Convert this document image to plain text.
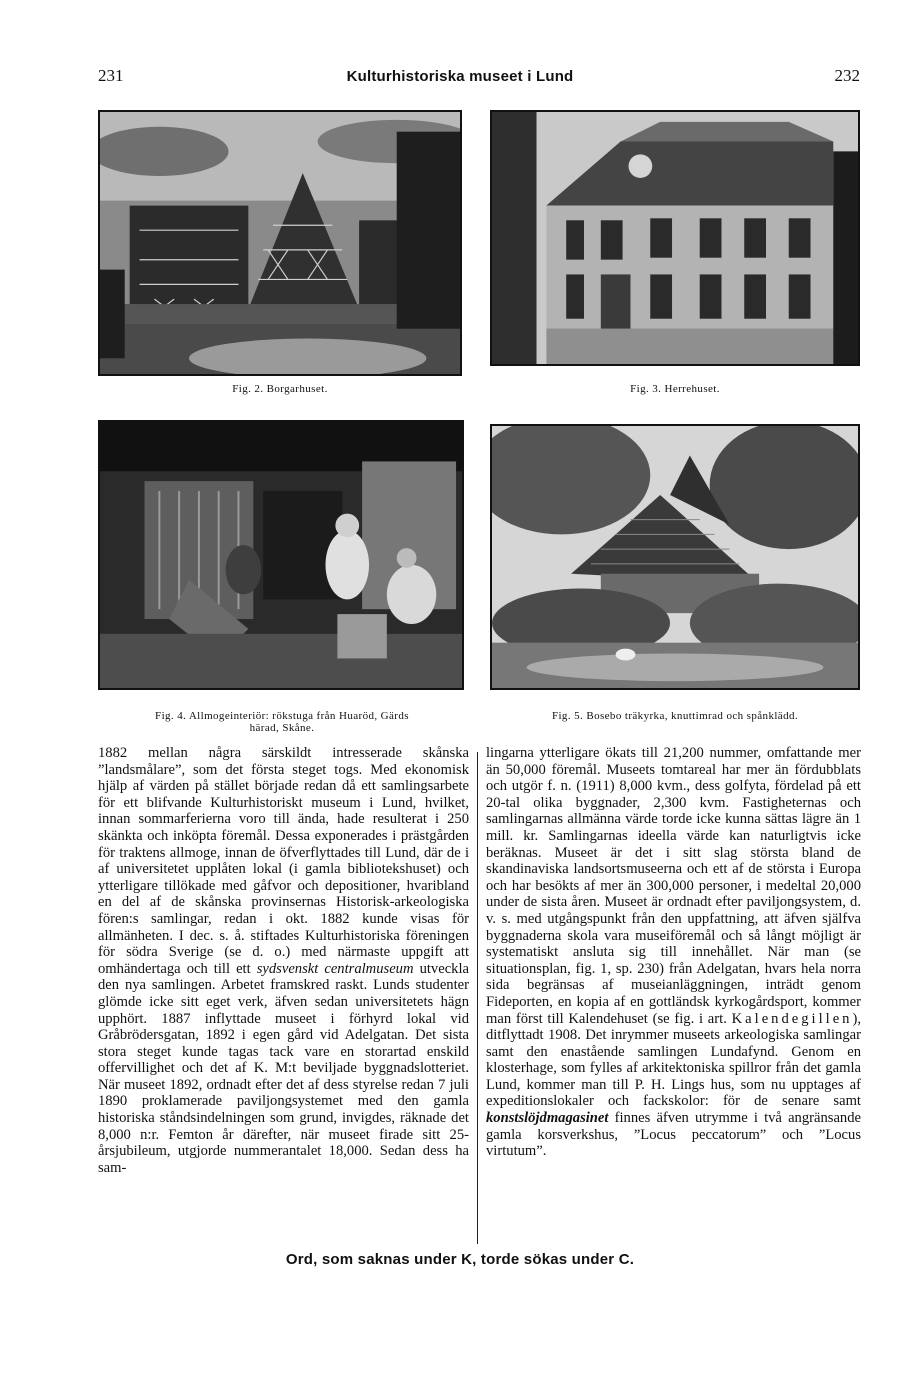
231	Kulturhistoriska museet i Lund	232
Fig. 2. Borgarhuset.	Fig. 3. Herrehuset.
Fig. 4. Allmogeinteriör: rökstuga från Huaröd, Gärds
härad, Skåne.
Fig. 5. Bosebo träkyrka, knuttimrad och spånklädd.

1882 mellan några särskildt intresserade skånska ”landsmålare”, som det första steget togs. Med ekonomisk hjälp af värden på stället började redan då ett samlingsarbete för ett blifvande Kulturhistoriskt museum i Lund, hvilket, innan sommarferierna voro till ända, hade resulterat i 250 skänkta och inköpta föremål. Dessa exponerades i prästgården för traktens allmoge, innan de öfverflyttades till Lund, där de i af universitetet upplåten lokal (i gamla bibliotekshuset) och ytterligare tillökade med gåfvor och depositioner, hvaribland en del af de skånska provinsernas Historisk-arkeologiska fören:s samlingar, redan i okt. 1882 kunde visas för allmänheten. I dec. s. å. stiftades Kulturhistoriska föreningen för södra Sverige (se d. o.) med närmaste uppgift att omhändertaga och till ett sydsvenskt centralmuseum utveckla den nya samlingen. Arbetet framskred raskt. Lunds studenter glömde icke sitt eget verk, äfven sedan universitetets hägn upphört. 1887 inflyttade museet i förhyrd lokal vid Gråbrödersgatan, 1892 i egen gård vid Adelgatan. Det sista stora steget kunde tagas tack vare en storartad enskild offervillighet och det af K. M:t beviljade byggnadslotteriet. När museet 1892, ordnadt efter det af dess styrelse redan 7 juli 1890 proklamerade paviljongsystemet med den gamla historiska ståndsindelningen som grund, invigdes, räknade det 8,000 n:r. Femton år därefter, när museet firade sitt 25-årsjubileum, utgjorde nummerantalet 18,000. Sedan dess ha sam-

lingarna ytterligare ökats till 21,200 nummer, omfattande mer än 50,000 föremål. Museets tomtareal har mer än fördubblats och utgör f. n. (1911) 8,000 kvm., dess golfyta, fördelad på ett 20-tal olika byggnader, 2,300 kvm. Fastigheternas och samlingarnas allmänna värde torde icke kunna sättas lägre än 1 mill. kr. Samlingarnas ideella värde kan naturligtvis icke beräknas. Museet är det i sitt slag största bland de skandinaviska landsortsmuseerna och ett af de största i Europa och har besökts af mer än 300,000 personer, i medeltal 20,000 under de sista åren. Museet är ordnadt efter paviljongsystem, d. v. s. med utgångspunkt från den uppfattning, att äfven själfva byggnaderna skola vara museiföremål och så långt möjligt är systematiskt ansluta sig till innehållet. När man (se situationsplan, fig. 1, sp. 230) från Adelgatan, hvars hela norra sida begränsas af museianläggningen, inträdt genom Fideporten, en kopia af en gottländsk kyrkogårdsport, kommer man först till Kalendehuset (se fig. i art. Kalendegillen), ditflyttadt 1908. Det inrymmer museets arkeologiska samlingar samt den enastående samlingen Lundafynd. Genom en klosterhage, som fylles af arkitektoniska spillror från det gamla Lund, kommer man till P. H. Lings hus, som nu upptages af expeditionslokaler och fackskolor: för de senare samt konstslöjdmagasinet finnes äfven utrymme i två angränsande gamla korsverkshus, ”Locus peccatorum” och ”Locus virtutum”.

Ord, som saknas under K, torde sökas under C.
